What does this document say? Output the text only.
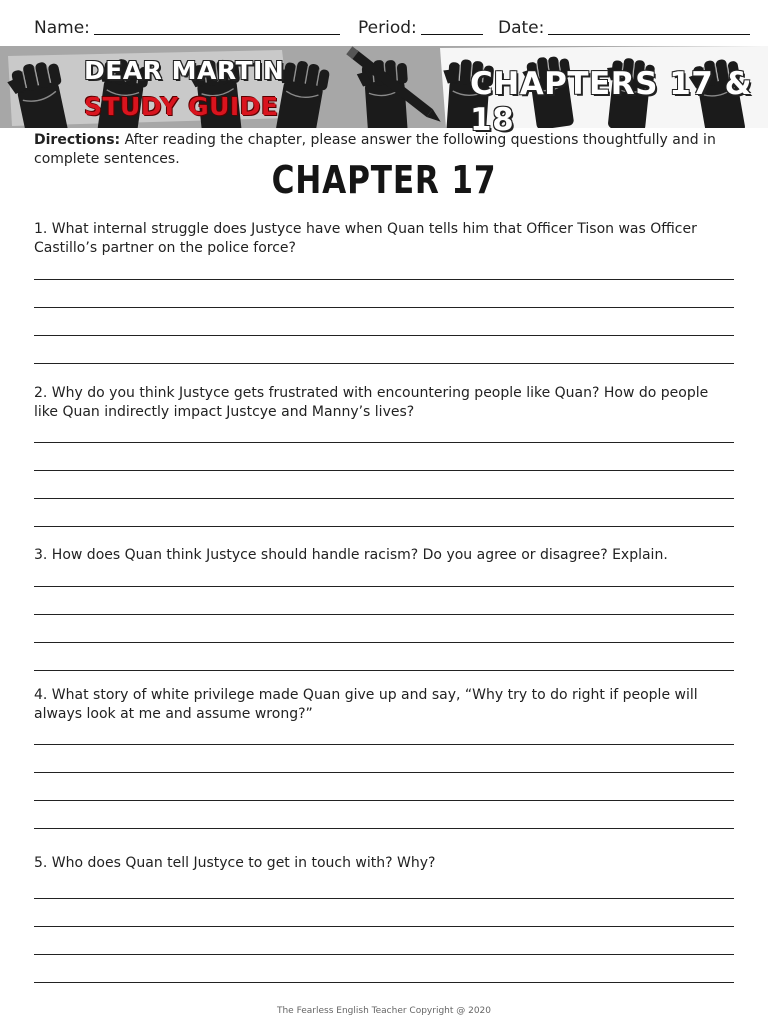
Name:	Period:	Date:
DEAR MARTIN
STUDY GUIDE
CHAPTERS 17 & 18
Directions: After reading the chapter, please answer the following questions thoughtfully and in complete sentences.	CHAPTER 17
1. What internal struggle does Justyce have when Quan tells him that Officer Tison was Officer Castillo’s partner on the police force?
2. Why do you think Justyce gets frustrated with encountering people like Quan? How do people like Quan indirectly impact Justcye and Manny’s lives?
3. How does Quan think Justyce should handle racism? Do you agree or disagree? Explain.
4. What story of white privilege made Quan give up and say, “Why try to do right if people will always look at me and assume wrong?”
5. Who does Quan tell Justyce to get in touch with? Why?
The Fearless English Teacher Copyright @ 2020
